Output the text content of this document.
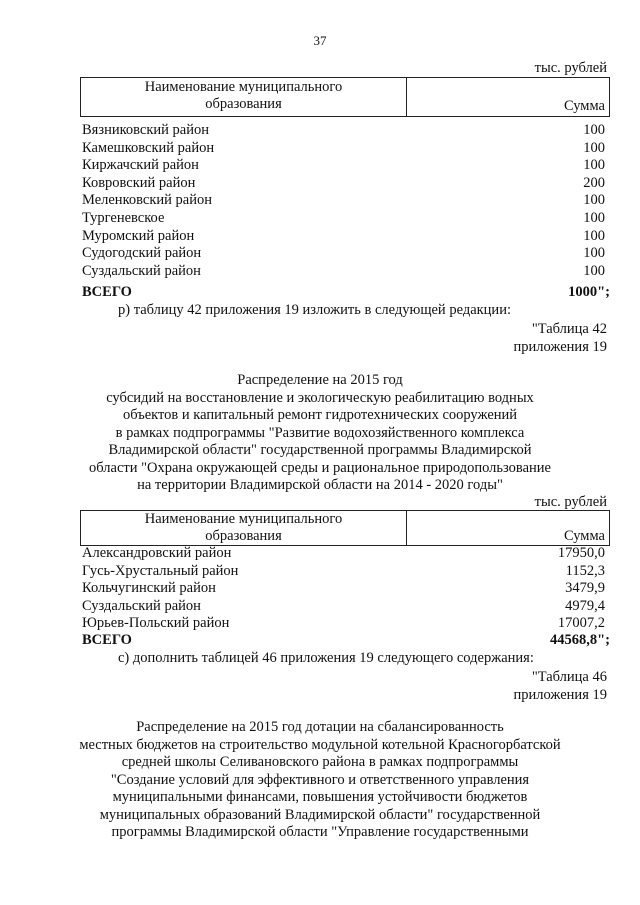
37
тыс. рублей
Наименование муниципального
образования	Сумма
Вязниковский район	100
Камешковский район	100
Киржачский район	100
Ковровский район	200
Меленковский район	100
Тургеневское	100
Муромский район	100
Судогодский район	100
Суздальский район	100
ВСЕГО	1000";
р) таблицу 42 приложения 19 изложить в следующей редакции:
"Таблица 42
приложения 19
Распределение на 2015 год
субсидий на восстановление и экологическую реабилитацию водных
объектов и капитальный ремонт гидротехнических сооружений
в рамках подпрограммы "Развитие водохозяйственного комплекса
Владимирской области" государственной программы Владимирской
области "Охрана окружающей среды и рациональное природопользование
на территории Владимирской области на 2014 - 2020 годы"
тыс. рублей
Наименование муниципального
образования	Сумма
Александровский район	17950,0
Гусь-Хрустальный район	1152,3
Кольчугинский район	3479,9
Суздальский район	4979,4
Юрьев-Польский район	17007,2
ВСЕГО	44568,8";
с) дополнить таблицей 46 приложения 19 следующего содержания:
"Таблица 46
приложения 19
Распределение на 2015 год дотации на сбалансированность
местных бюджетов на строительство модульной котельной Красногорбатской
средней школы Селивановского района в рамках подпрограммы
"Создание условий для эффективного и ответственного управления
муниципальными финансами, повышения устойчивости бюджетов
муниципальных образований Владимирской области" государственной
программы Владимирской области "Управление государственными
